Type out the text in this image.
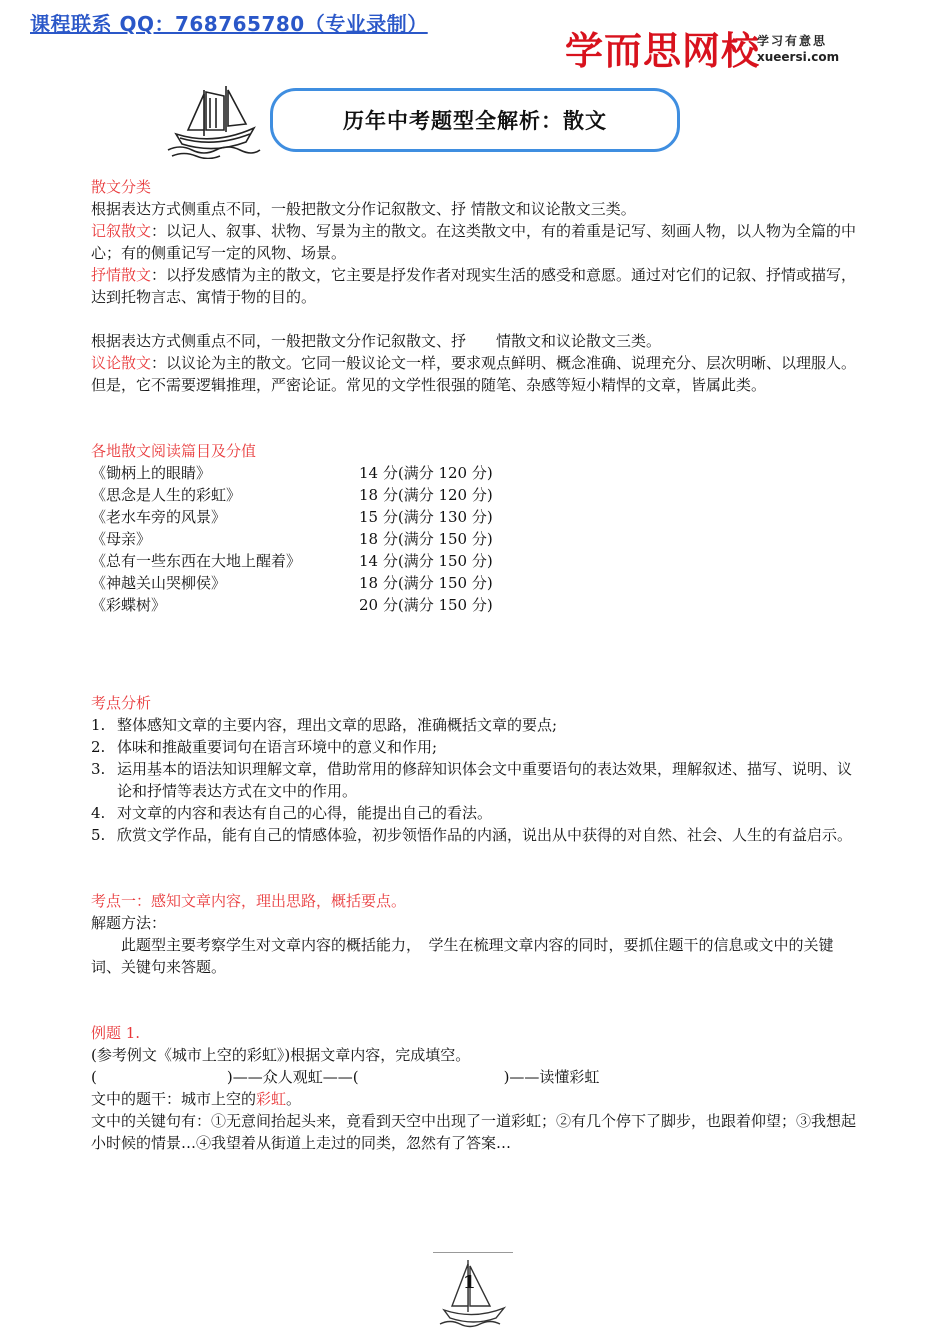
课程联系 QQ：768765780（专业录制）
学而思网校
学习有意思
xueersi.com
历年中考题型全解析：散文

散文分类

根据表达方式侧重点不同，一般把散文分作记叙散文、抒 情散文和议论散文三类。

记叙散文：以记人、叙事、状物、写景为主的散文。在这类散文中，有的着重是记写、刻画人物，以人物为全篇的中心；有的侧重记写一定的风物、场景。

抒情散文：以抒发感情为主的散文，它主要是抒发作者对现实生活的感受和意愿。通过对它们的记叙、抒情或描写，达到托物言志、寓情于物的目的。

根据表达方式侧重点不同，一般把散文分作记叙散文、抒　　情散文和议论散文三类。

议论散文：以议论为主的散文。它同一般议论文一样，要求观点鲜明、概念准确、说理充分、层次明晰、以理服人。但是，它不需要逻辑推理，严密论证。常见的文学性很强的随笔、杂感等短小精悍的文章，皆属此类。

各地散文阅读篇目及分值

《锄柄上的眼睛》	14 分(满分 120 分)
《思念是人生的彩虹》	18 分(满分 120 分)
《老水车旁的风景》	15 分(满分 130 分)
《母亲》	18 分(满分 150 分)
《总有一些东西在大地上醒着》	14 分(满分 150 分)
《神越关山哭柳侯》	18 分(满分 150 分)
《彩蝶树》	20 分(满分 150 分)

考点分析

1. 整体感知文章的主要内容，理出文章的思路，准确概括文章的要点;
2. 体味和推敲重要词句在语言环境中的意义和作用;
3. 运用基本的语法知识理解文章，借助常用的修辞知识体会文中重要语句的表达效果，理解叙述、描写、说明、议论和抒情等表达方式在文中的作用。
4. 对文章的内容和表达有自己的心得，能提出自己的看法。
5. 欣赏文学作品，能有自己的情感体验，初步领悟作品的内涵，说出从中获得的对自然、社会、人生的有益启示。

考点一：感知文章内容，理出思路，概括要点。

解题方法：

此题型主要考察学生对文章内容的概括能力，　学生在梳理文章内容的同时，要抓住题干的信息或文中的关键词、关键句来答题。

例题 1.

(参考例文《城市上空的彩虹》)根据文章内容，完成填空。

(	)——众人观虹——(	)——读懂彩虹

文中的题干：城市上空的彩虹。

文中的关键句有：①无意间抬起头来，竟看到天空中出现了一道彩虹；②有几个停下了脚步，也跟着仰望；③我想起小时候的情景…④我望着从街道上走过的同类，忽然有了答案…

1
